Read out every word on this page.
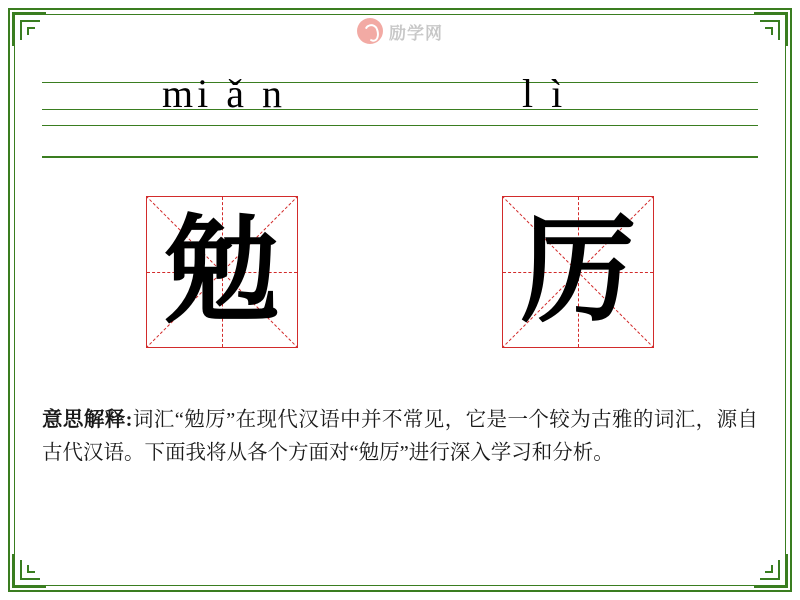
励学网
mi ǎ n	l ì
勉 厉
意思解释:词汇“勉厉”在现代汉语中并不常见，它是一个较为古雅的词汇，源自古代汉语。下面我将从各个方面对“勉厉”进行深入学习和分析。
